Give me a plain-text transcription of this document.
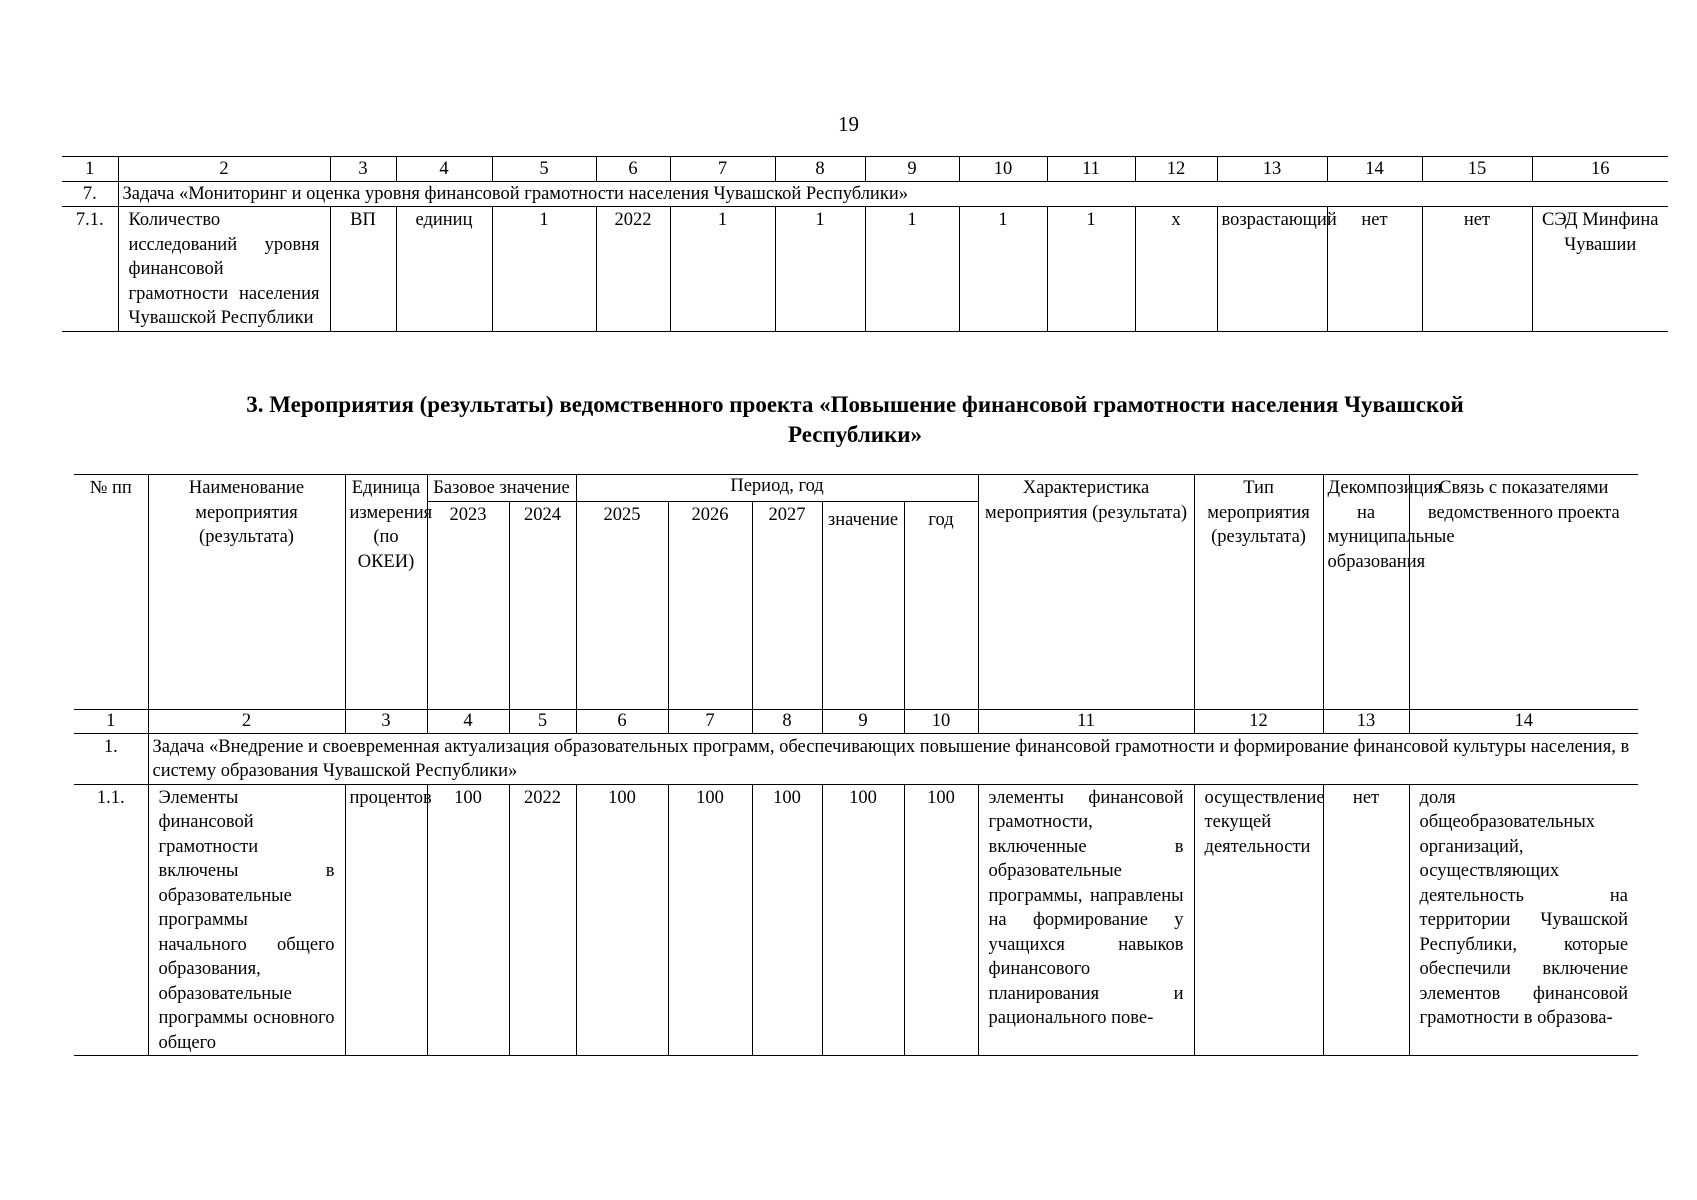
19
1	2	3	4	5	6	7	8	9	10	11	12	13	14	15	16
7.	Задача «Мониторинг и оценка уровня финансовой грамотности населения Чувашской Республики»														
7.1.	Количество исследований уровня финансовой грамотности населения Чувашской Республики	ВП	единиц	1	2022	1	1	1	1	1	х	возрастающий	нет	нет	СЭД Минфина Чувашии
3. Мероприятия (результаты) ведомственного проекта «Повышение финансовой грамотности населения Чувашской Республики»
№ пп	Наименование мероприятия (результата)	Единица измерения (по ОКЕИ)	Базовое значение		Период, год					Характеристика мероприятия (результата)	Тип мероприятия (результата)	Декомпозиция на муниципальные образования	Связь с показателями ведомственного проекта
			2023	2024	2025	2026	2027						
								значение	год				
1	2	3	4	5	6	7	8	9	10	11	12	13	14
1.	Задача «Внедрение и своевременная актуализация образовательных программ, обеспечивающих повышение финансовой грамотности и формирование финансовой культуры населения, в систему образования Чувашской Республики»												
1.1.	Элементы финансовой грамотности включены в образовательные программы начального общего образования, образовательные программы основного общего	процентов	100	2022	100	100	100	100	100	элементы финансовой грамотности, включенные в образовательные программы, направлены на формирование у учащихся навыков финансового планирования и рационального пове-	осуществление текущей деятельности	нет	доля общеобразовательных организаций, осуществляющих деятельность на территории Чувашской Республики, которые обеспечили включение элементов финансовой грамотности в образова-
